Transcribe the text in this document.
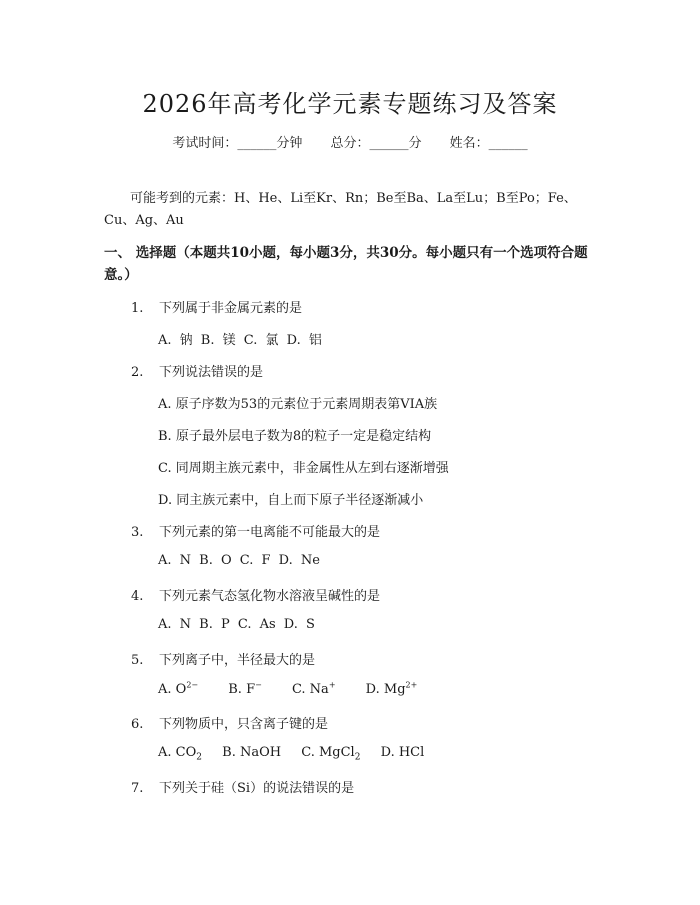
2026年高考化学元素专题练习及答案
考试时间：______分钟 总分：______分 姓名：______
可能考到的元素：H、He、Li至Kr、Rn；Be至Ba、La至Lu；B至Po；Fe、Cu、Ag、Au
一、 选择题（本题共10小题，每小题3分，共30分。每小题只有一个选项符合题意。）
1. 下列属于非金属元素的是
A. 钠 B. 镁 C. 氯 D. 铝
2. 下列说法错误的是
A. 原子序数为53的元素位于元素周期表第VIA族
B. 原子最外层电子数为8的粒子一定是稳定结构
C. 同周期主族元素中，非金属性从左到右逐渐增强
D. 同主族元素中，自上而下原子半径逐渐减小
3. 下列元素的第一电离能不可能最大的是
A. N B. O C. F D. Ne
4. 下列元素气态氢化物水溶液呈碱性的是
A. N B. P C. As D. S
5. 下列离子中，半径最大的是
A. $O^{2-}$ B. F− C. Na+ D. $Mg^{2+}$
6. 下列物质中，只含离子键的是
A. $CO_2$ B. NaOH C. MgCl$_2$ D. HCl
7. 下列关于硅（Si）的说法错误的是
